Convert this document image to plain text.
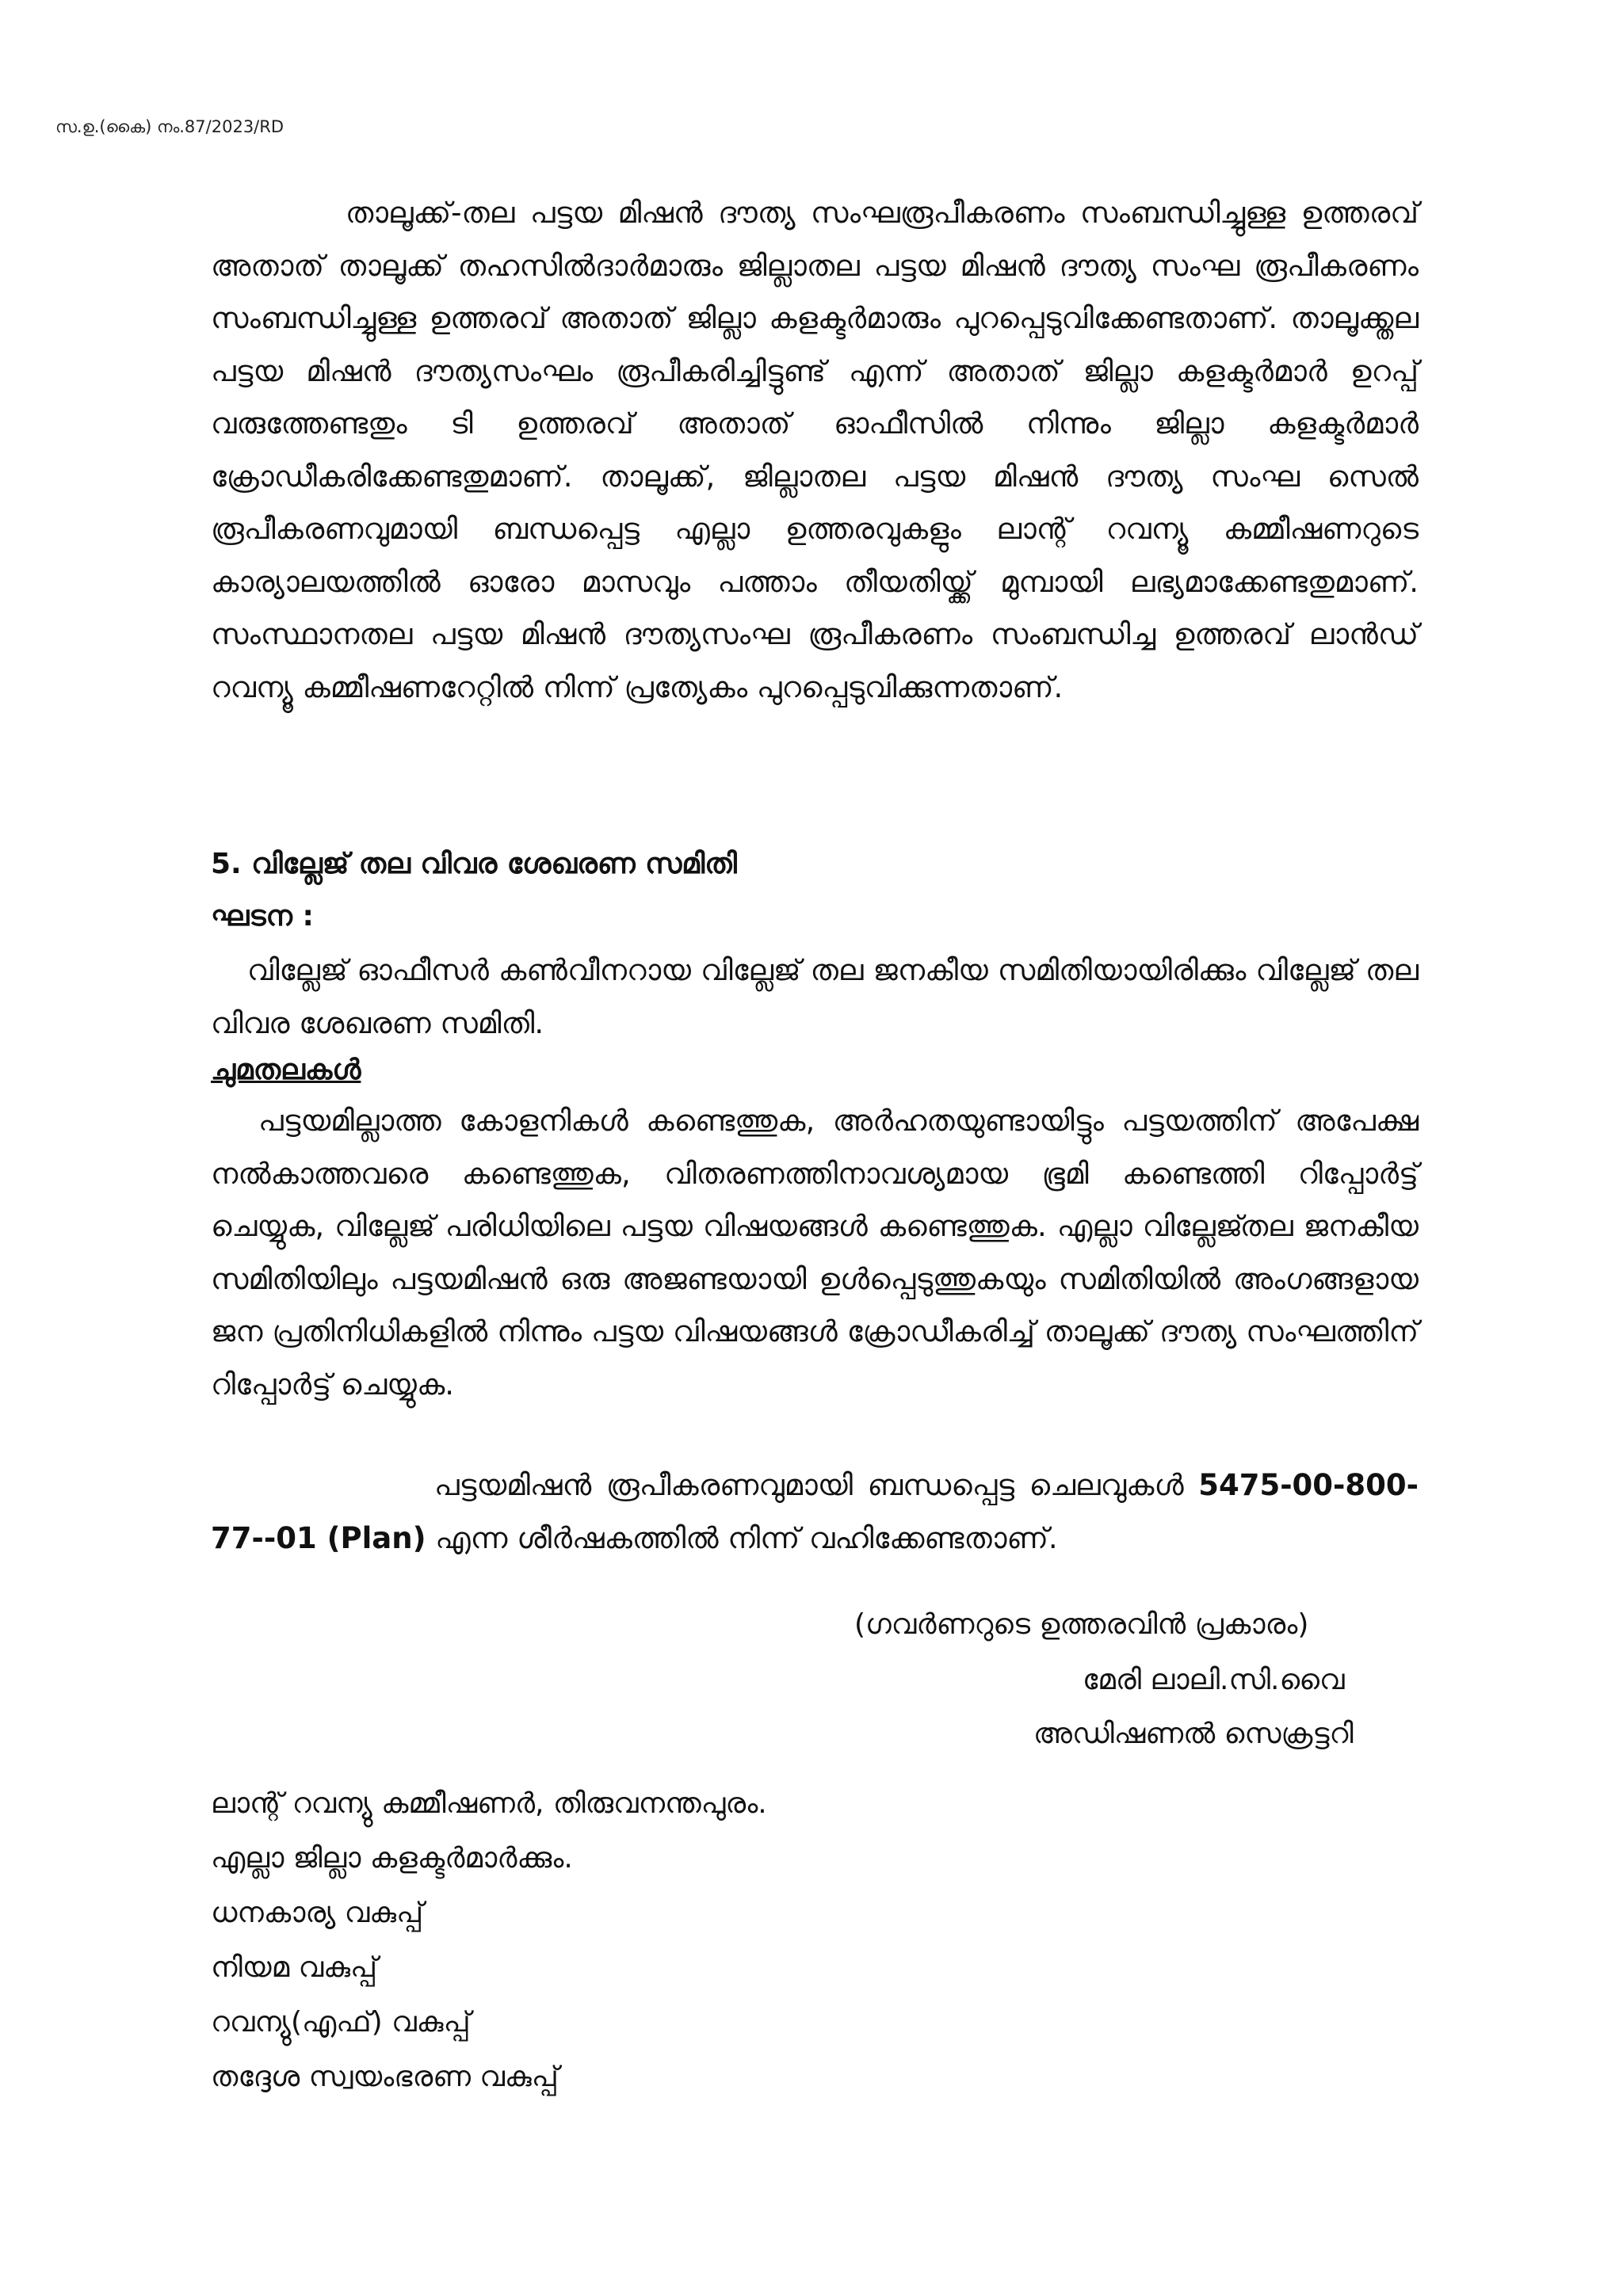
സ.ഉ.(കൈ) നം.87/2023/RD

താലൂക്ക്-തല പട്ടയ മിഷൻ ദൗത്യ സംഘരൂപീകരണം സംബന്ധിച്ചുള്ള ഉത്തരവ് അതാത് താലൂക്ക് തഹസിൽദാർമാരും ജില്ലാതല പട്ടയ മിഷൻ ദൗത്യ സംഘ രൂപീകരണം സംബന്ധിച്ചുള്ള ഉത്തരവ് അതാത് ജില്ലാ കളക്ടർമാരും പുറപ്പെടുവിക്കേണ്ടതാണ്. താലൂക്ക്തല പട്ടയ മിഷൻ ദൗത്യസംഘം രൂപീകരിച്ചിട്ടുണ്ട് എന്ന് അതാത് ജില്ലാ കളക്ടർമാർ ഉറപ്പ് വരുത്തേണ്ടതും ടി ഉത്തരവ് അതാത് ഓഫീസിൽ നിന്നും ജില്ലാ കളക്ടർമാർ ക്രോഡീകരിക്കേണ്ടതുമാണ്. താലൂക്ക്, ജില്ലാതല പട്ടയ മിഷൻ ദൗത്യ സംഘ സെൽ രൂപീകരണവുമായി ബന്ധപ്പെട്ട എല്ലാ ഉത്തരവുകളും ലാന്റ് റവന്യൂ കമ്മീഷണറുടെ കാര്യാലയത്തിൽ ഓരോ മാസവും പത്താം തീയതിയ്ക്ക് മുമ്പായി ലഭ്യമാക്കേണ്ടതുമാണ്. സംസ്ഥാനതല പട്ടയ മിഷൻ ദൗത്യസംഘ രൂപീകരണം സംബന്ധിച്ച ഉത്തരവ് ലാൻഡ് റവന്യൂ കമ്മീഷണറേറ്റിൽ നിന്ന് പ്രത്യേകം പുറപ്പെടുവിക്കുന്നതാണ്.

5. വില്ലേജ് തല വിവര ശേഖരണ സമിതി
ഘടന :

വില്ലേജ് ഓഫീസർ കൺവീനറായ വില്ലേജ് തല ജനകീയ സമിതിയായിരിക്കും വില്ലേജ് തല വിവര ശേഖരണ സമിതി.

ചുമതലകൾ

പട്ടയമില്ലാത്ത കോളനികൾ കണ്ടെത്തുക, അർഹതയുണ്ടായിട്ടും പട്ടയത്തിന് അപേക്ഷ നൽകാത്തവരെ കണ്ടെത്തുക, വിതരണത്തിനാവശ്യമായ ഭൂമി കണ്ടെത്തി റിപ്പോർട്ട് ചെയ്യുക, വില്ലേജ് പരിധിയിലെ പട്ടയ വിഷയങ്ങൾ കണ്ടെത്തുക. എല്ലാ വില്ലേജ്തല ജനകീയ സമിതിയിലും പട്ടയമിഷൻ ഒരു അജണ്ടയായി ഉൾപ്പെടുത്തുകയും സമിതിയിൽ അംഗങ്ങളായ ജന പ്രതിനിധികളിൽ നിന്നും പട്ടയ വിഷയങ്ങൾ ക്രോഡീകരിച്ച് താലൂക്ക് ദൗത്യ സംഘത്തിന് റിപ്പോർട്ട് ചെയ്യുക.

പട്ടയമിഷൻ രൂപീകരണവുമായി ബന്ധപ്പെട്ട ചെലവുകൾ 5475-00-800-77--01 (Plan) എന്ന ശീർഷകത്തിൽ നിന്ന് വഹിക്കേണ്ടതാണ്.

(ഗവർണറുടെ ഉത്തരവിൻ പ്രകാരം)
മേരി ലാലി.സി.വൈ
അഡിഷണൽ സെക്രട്ടറി
ലാന്റ് റവന്യു കമ്മീഷണർ, തിരുവനന്തപുരം.
എല്ലാ ജില്ലാ കളക്ടർമാർക്കും.
ധനകാര്യ വകുപ്പ്
നിയമ വകുപ്പ്
റവന്യു(എഫ്) വകുപ്പ്
തദ്ദേശ സ്വയംഭരണ വകുപ്പ്
